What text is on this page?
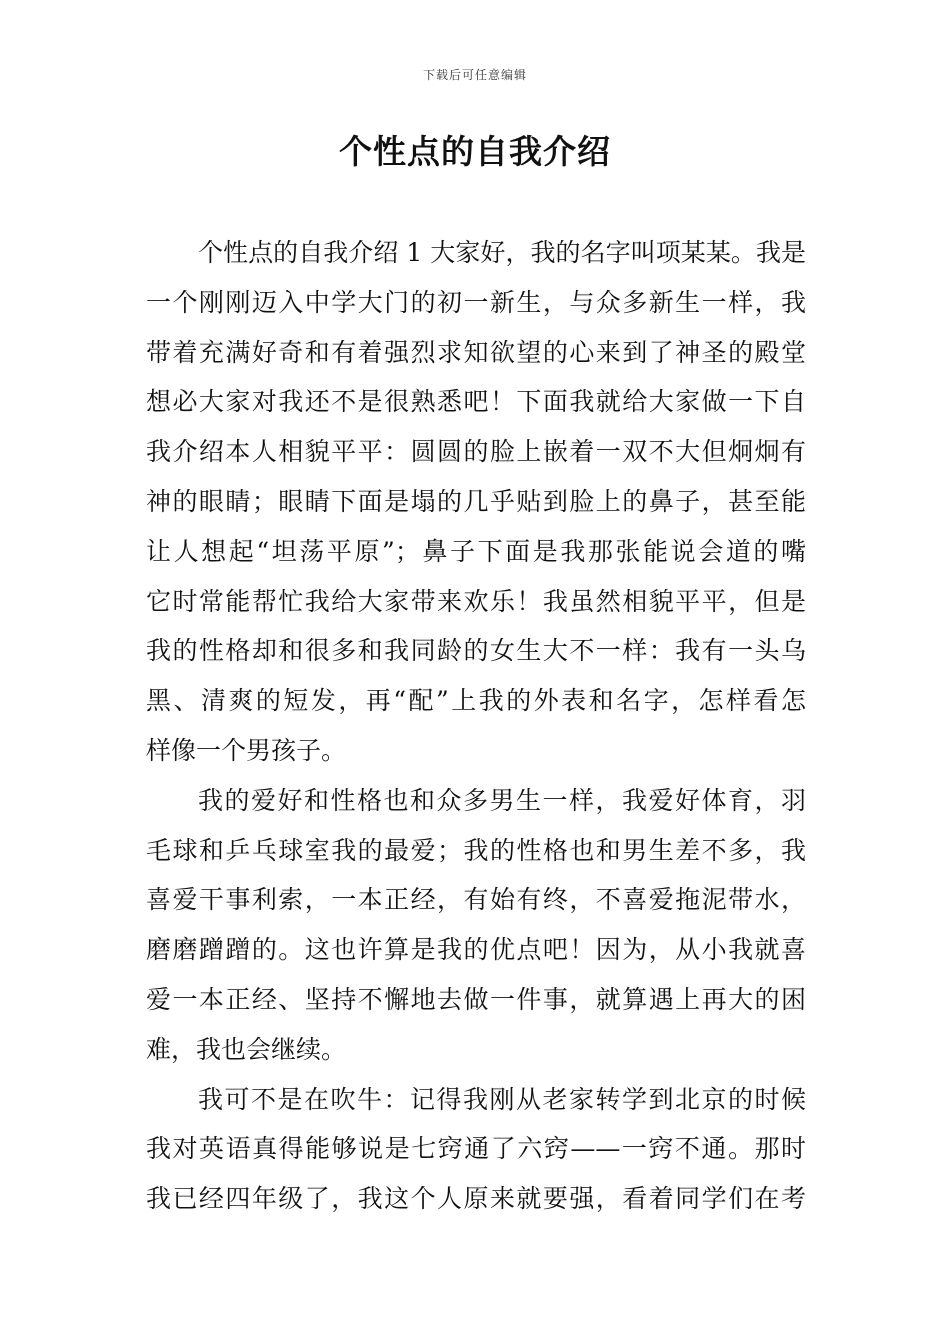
下载后可任意编辑
个性点的自我介绍
个性点的自我介绍 1 大家好，我的名字叫项某某。我是
一个刚刚迈入中学大门的初一新生，与众多新生一样，我
带着充满好奇和有着强烈求知欲望的心来到了神圣的殿堂
想必大家对我还不是很熟悉吧！下面我就给大家做一下自
我介绍本人相貌平平：圆圆的脸上嵌着一双不大但炯炯有
神的眼睛；眼睛下面是塌的几乎贴到脸上的鼻子，甚至能
让人想起“坦荡平原”；鼻子下面是我那张能说会道的嘴
它时常能帮忙我给大家带来欢乐！我虽然相貌平平，但是
我的性格却和很多和我同龄的女生大不一样：我有一头乌
黑、清爽的短发，再“配”上我的外表和名字，怎样看怎
样像一个男孩子。
我的爱好和性格也和众多男生一样，我爱好体育，羽
毛球和乒乓球室我的最爱；我的性格也和男生差不多，我
喜爱干事利索，一本正经，有始有终，不喜爱拖泥带水，
磨磨蹭蹭的。这也许算是我的优点吧！因为，从小我就喜
爱一本正经、坚持不懈地去做一件事，就算遇上再大的困
难，我也会继续。
我可不是在吹牛：记得我刚从老家转学到北京的时候
我对英语真得能够说是七窍通了六窍——一窍不通。那时
我已经四年级了，我这个人原来就要强，看着同学们在考
